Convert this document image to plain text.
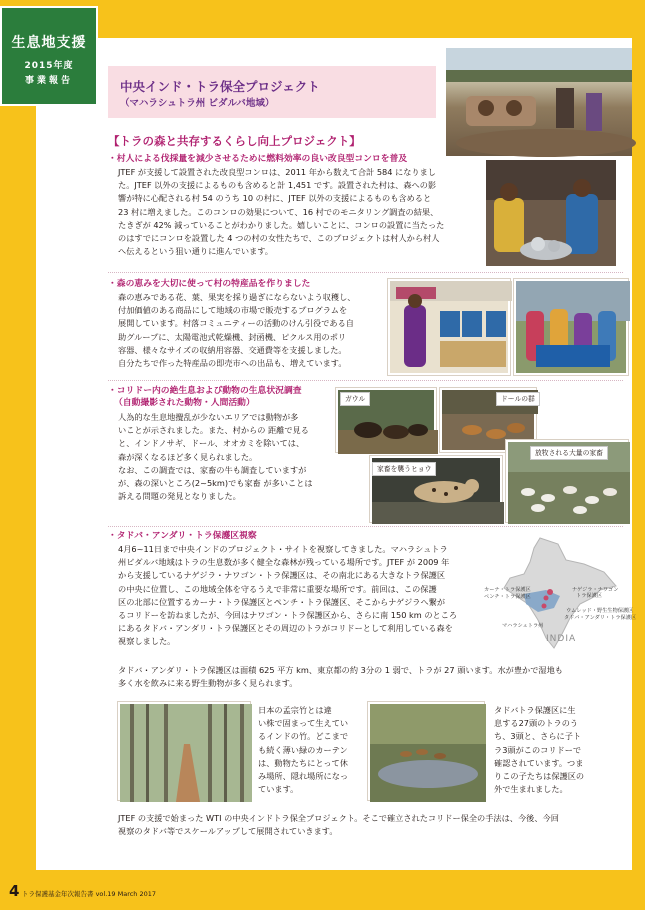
生息地支援
2015年度
事業報告	中央インド・トラ保全プロジェクト
（マハラシュトラ州 ビダルバ地域）
【トラの森と共存するくらし向上プロジェクト】
・村人による伐採量を減少させるために燃料効率の良い改良型コンロを普及
JTEF が支援して設置された改良型コンロは、2011 年から数えて合計 584 になりまし
た。JTEF 以外の支援によるものも含めると計 1,451 です。設置された村は、森への影
響が特に心配される村 54 のうち 10 の村に、JTEF 以外の支援によるものも含めると
23 村に増えました。このコンロの効果について、16 村でのモニタリング調査の結果、
たきぎが 42% 減っていることがわかりました。嬉しいことに、コンロの設置に当たった
のはすでにコンロを設置した 4 つの村の女性たちで、このプロジェクトは村人から村人
へ伝えるという狙い通りに進んでいます。
・森の恵みを大切に使って村の特産品を作りました
森の恵みである花、葉、果実を採り過ぎにならないよう収穫し、
付加価値のある商品にして地域の市場で販売するプログラムを
展開しています。村落コミュニティーの活動のけん引役である自
助グループに、太陽電池式乾燥機、封函機、ピクルス用のポリ
容器、様々なサイズの収納用容器、交通費等を支援しました。
自分たちで作った特産品の即売市への出品も、増えています。
・コリドー内の絶生息および動物の生息状況調査
（自動撮影された動物・人間活動）
人為的な生息地攪乱が少ないエリアでは動物が多
いことが示されました。また、村からの 距離で見る
と、インドノサギ、ドール、オオカミを除いては、
森が深くなるほど多く見られました。
なお、この調査では、家畜の牛も調査していますが
が、森の深いところ(2~5km)でも家畜 が多いことは
訴える問題の発見となりました。
ガウル	ドールの群
家畜を襲うヒョウ
放牧される大量の家畜
・タドバ・アンダリ・トラ保護区視察
4月6~11日まで中央インドのプロジェクト・サイトを視察してきました。マハラシュトラ
州ビダルバ地域はトラの生息数が多く健全な森林が残っている場所です。JTEF が 2009 年
から支援しているナゲジラ・ナワゴン・トラ保護区は、その南北にある大きなトラ保護区
の中央に位置し、この地域全体を守るうえで非常に重要な場所です。前回は、この保護
区の北部に位置するカーナ・トラ保護区とペンチ・トラ保護区、そこからナゲジラへ繋が
るコリドーを訪ねましたが、今回はナワゴン・トラ保護区から、さらに南 150 km のところ
にあるタドバ・アンダリ・トラ保護区とその周辺のトラがコリドーとして利用している森を
視察しました。
カーナ・トラ保護区
ペンチ・トラ保護区
ナゲジラ・ナワゴン
トラ保護区
ウムレッド・野生生物保護区
タドバ・アンダリ・トラ保護区
マハラシュトラ州
INDIA
タドバ・アンダリ・トラ保護区は面積 625 平方 km、東京都の約 3分の 1 弱で、トラが 27 頭います。水が豊かで湿地も
多く水を飲みに来る野生動物が多く見られます。
日本の孟宗竹とは違
い株で固まって生えてい
るインドの竹。どこまで
も続く薄い緑のカーテン
は、動物たちにとって休
み場所、隠れ場所になっ
ています。
タドバトラ保護区に生
息する27頭のトラのう
ち、3頭と、さらに子ト
ラ3頭がこのコリドーで
確認されています。つま
りこの子たちは保護区の
外で生まれました。
JTEF の支援で始まった WTI の中央インドトラ保全プロジェクト。そこで確立されたコリドー保全の手法は、今後、今回
視察のタドバ等でスケールアップして展開されていきます。
4 トラ保護基金年次報告書 vol.19 March 2017
